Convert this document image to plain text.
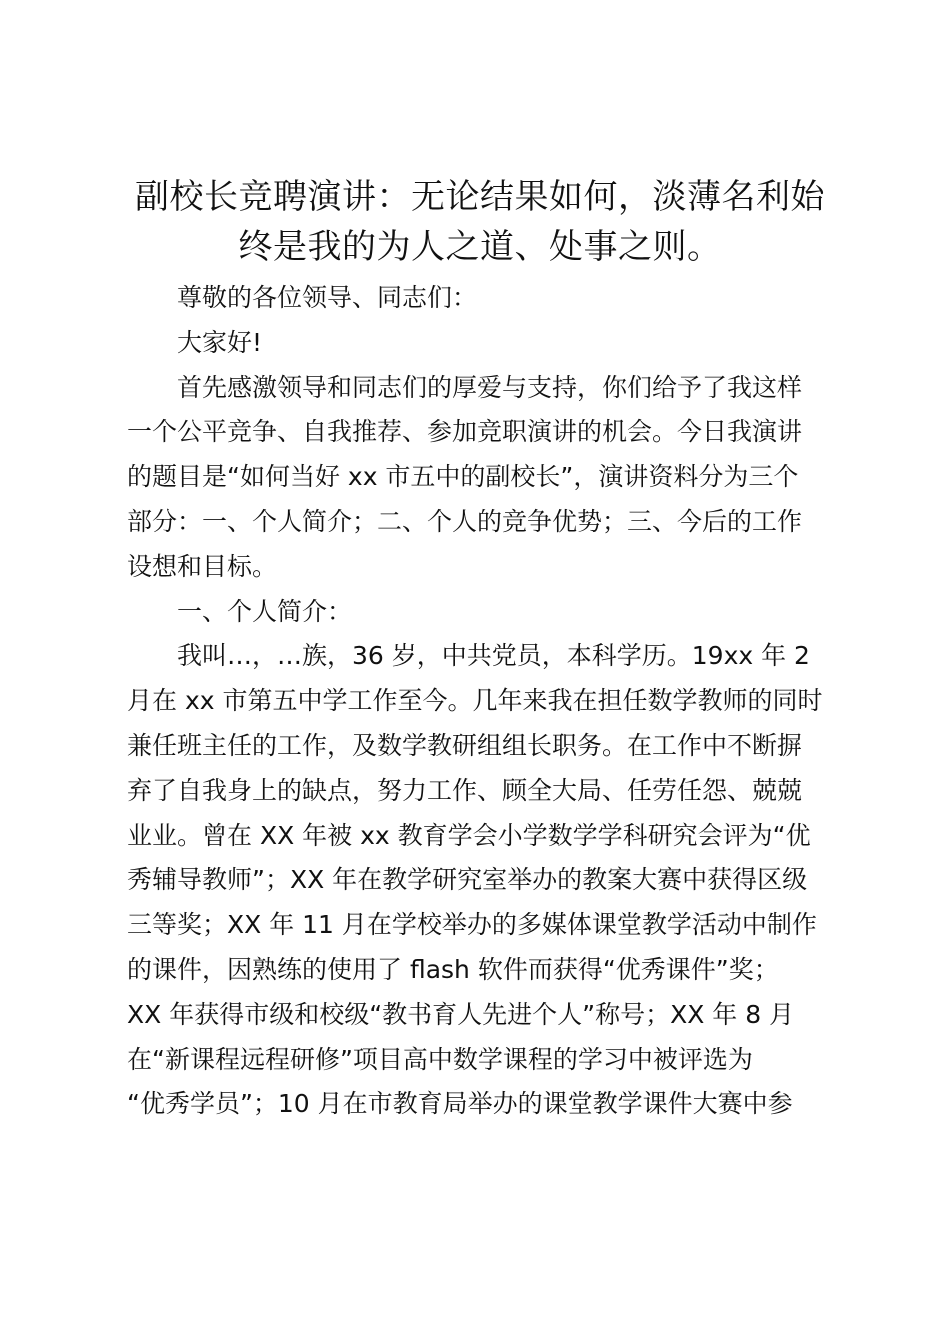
副校长竞聘演讲：无论结果如何，淡薄名利始
终是我的为人之道、处事之则。

尊敬的各位领导、同志们：

大家好!

首先感激领导和同志们的厚爱与支持，你们给予了我这样
一个公平竞争、自我推荐、参加竞职演讲的机会。今日我演讲
的题目是“如何当好 xx 市五中的副校长”，演讲资料分为三个
部分：一、个人简介；二、个人的竞争优势；三、今后的工作
设想和目标。

一、个人简介：

我叫…，…族，36 岁，中共党员，本科学历。19xx 年 2
月在 xx 市第五中学工作至今。几年来我在担任数学教师的同时
兼任班主任的工作，及数学教研组组长职务。在工作中不断摒
弃了自我身上的缺点，努力工作、顾全大局、任劳任怨、兢兢
业业。曾在 XX 年被 xx 教育学会小学数学学科研究会评为“优
秀辅导教师”；XX 年在教学研究室举办的教案大赛中获得区级
三等奖；XX 年 11 月在学校举办的多媒体课堂教学活动中制作
的课件，因熟练的使用了 flash 软件而获得“优秀课件”奖；
XX 年获得市级和校级“教书育人先进个人”称号；XX 年 8 月
在“新课程远程研修”项目高中数学课程的学习中被评选为
“优秀学员”；10 月在市教育局举办的课堂教学课件大赛中参
